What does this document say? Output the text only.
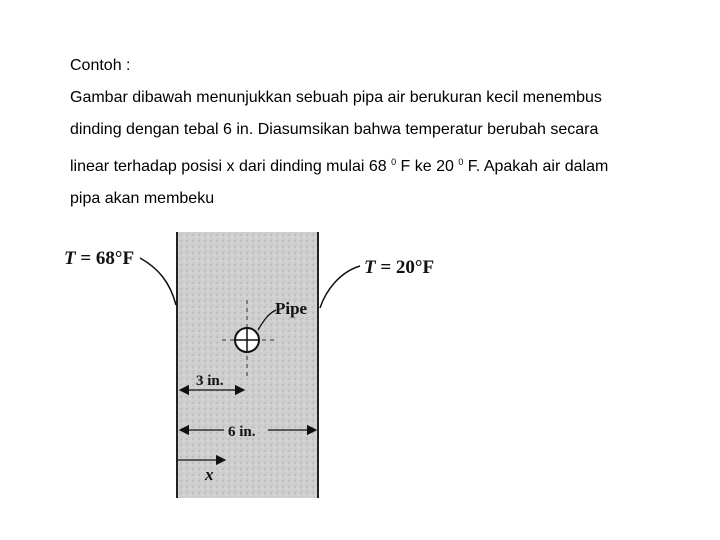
Contoh :

Gambar dibawah menunjukkan sebuah pipa air berukuran kecil menembus
dinding dengan tebal 6 in. Diasumsikan bahwa temperatur berubah secara
linear terhadap posisi x dari dinding mulai 68 $^0$ F ke 20 $^0$ F. Apakah air dalam
pipa akan membeku

T = 68°F	T = 20°F
Pipe
3 in.
6 in.
x
